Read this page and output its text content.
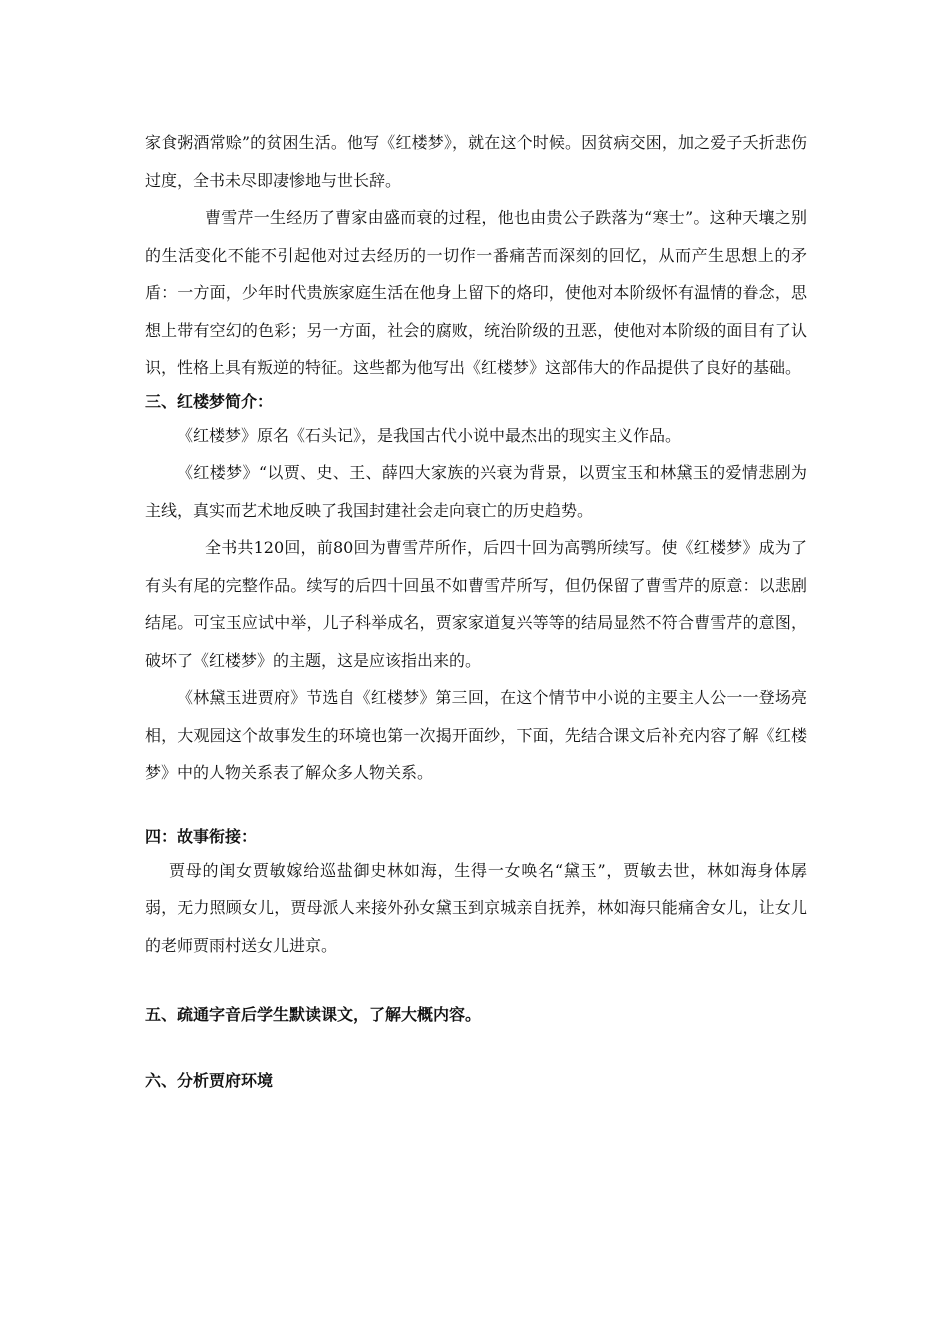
家食粥酒常赊”的贫困生活。他写《红楼梦》，就在这个时候。因贫病交困，加之爱子夭折悲伤过度，全书未尽即凄惨地与世长辞。

曹雪芹一生经历了曹家由盛而衰的过程，他也由贵公子跌落为“寒士”。这种天壤之别的生活变化不能不引起他对过去经历的一切作一番痛苦而深刻的回忆，从而产生思想上的矛盾：一方面，少年时代贵族家庭生活在他身上留下的烙印，使他对本阶级怀有温情的眷念，思想上带有空幻的色彩；另一方面，社会的腐败，统治阶级的丑恶，使他对本阶级的面目有了认识，性格上具有叛逆的特征。这些都为他写出《红楼梦》这部伟大的作品提供了良好的基础。

三、红楼梦简介：

《红楼梦》原名《石头记》，是我国古代小说中最杰出的现实主义作品。

《红楼梦》“以贾、史、王、薛四大家族的兴衰为背景，以贾宝玉和林黛玉的爱情悲剧为主线，真实而艺术地反映了我国封建社会走向衰亡的历史趋势。

全书共120回，前80回为曹雪芹所作，后四十回为高鹗所续写。使《红楼梦》成为了有头有尾的完整作品。续写的后四十回虽不如曹雪芹所写，但仍保留了曹雪芹的原意：以悲剧结尾。可宝玉应试中举，儿子科举成名，贾家家道复兴等等的结局显然不符合曹雪芹的意图，破坏了《红楼梦》的主题，这是应该指出来的。

《林黛玉进贾府》节选自《红楼梦》第三回，在这个情节中小说的主要主人公一一登场亮相，大观园这个故事发生的环境也第一次揭开面纱，下面，先结合课文后补充内容了解《红楼梦》中的人物关系表了解众多人物关系。

四：故事衔接：

贾母的闺女贾敏嫁给巡盐御史林如海，生得一女唤名“黛玉”，贾敏去世，林如海身体孱弱，无力照顾女儿，贾母派人来接外孙女黛玉到京城亲自抚养，林如海只能痛舍女儿，让女儿的老师贾雨村送女儿进京。

五、疏通字音后学生默读课文，了解大概内容。
六、分析贾府环境
